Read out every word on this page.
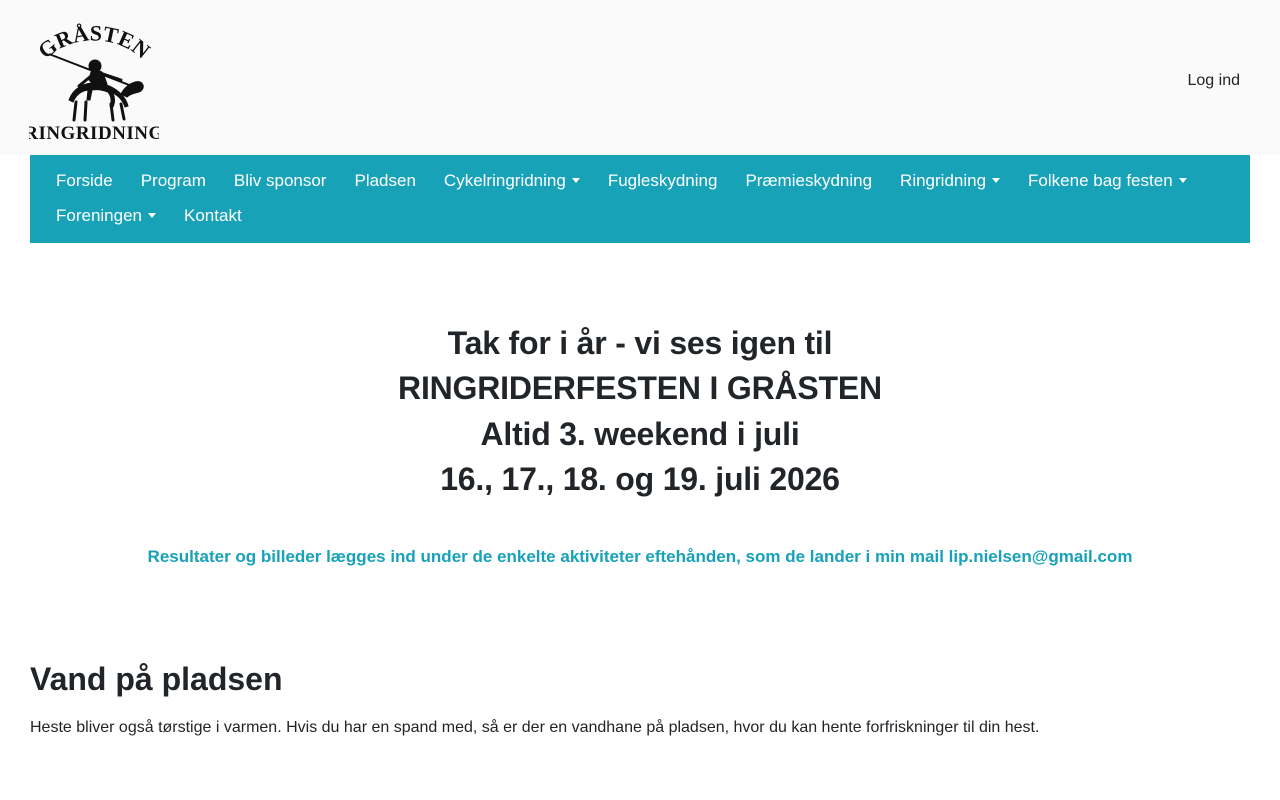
GRÅSTEN
RINGRIDNING
Log ind
Forside Program Bliv sponsor Pladsen Cykelringridning Fugleskydning Præmieskydning Ringridning Folkene bag festen
Foreningen Kontakt
Tak for i år - vi ses igen til
RINGRIDERFESTEN I GRÅSTEN
Altid 3. weekend i juli
16., 17., 18. og 19. juli 2026

Resultater og billeder lægges ind under de enkelte aktiviteter eftehånden, som de lander i min mail lip.nielsen@gmail.com

Vand på pladsen

Heste bliver også tørstige i varmen. Hvis du har en spand med, så er der en vandhane på pladsen, hvor du kan hente forfriskninger til din hest.
